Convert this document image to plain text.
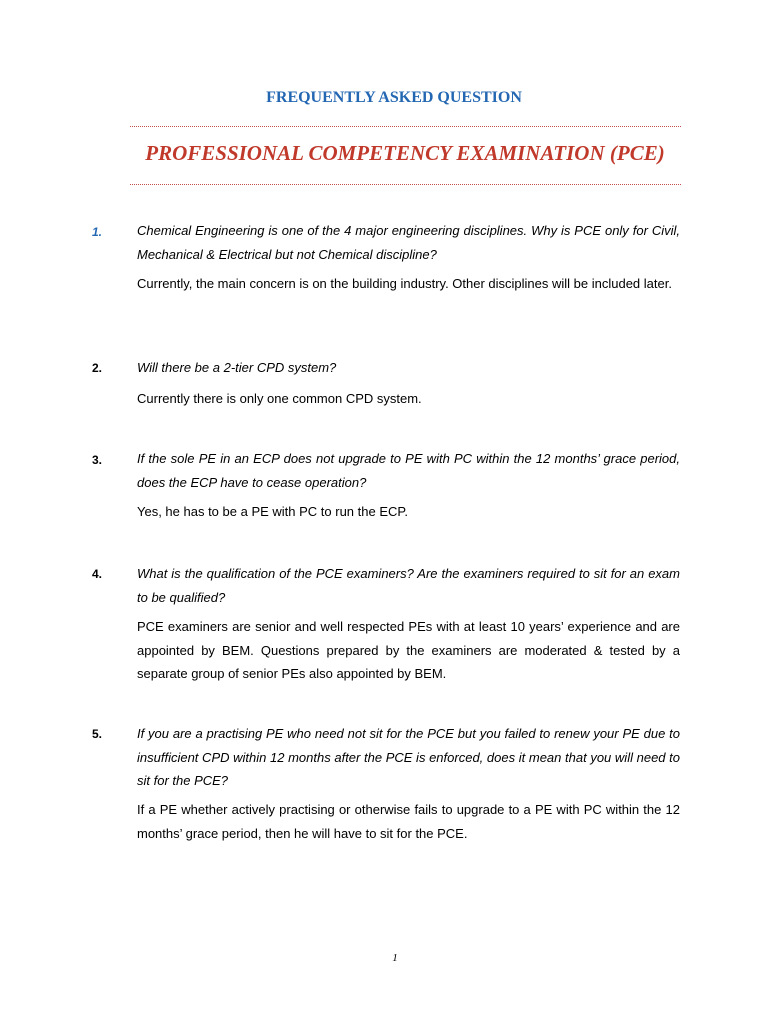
FREQUENTLY ASKED QUESTION
PROFESSIONAL COMPETENCY EXAMINATION (PCE)
1.	Chemical Engineering is one of the 4 major engineering disciplines. Why is PCE only for Civil, Mechanical & Electrical but not Chemical discipline?

Currently, the main concern is on the building industry. Other disciplines will be included later.

2.	Will there be a 2-tier CPD system?

Currently there is only one common CPD system.

3.	If the sole PE in an ECP does not upgrade to PE with PC within the 12 months’ grace period, does the ECP have to cease operation?

Yes, he has to be a PE with PC to run the ECP.

4.	What is the qualification of the PCE examiners? Are the examiners required to sit for an exam to be qualified?

PCE examiners are senior and well respected PEs with at least 10 years’ experience and are appointed by BEM. Questions prepared by the examiners are moderated & tested by a separate group of senior PEs also appointed by BEM.

5.	If you are a practising PE who need not sit for the PCE but you failed to renew your PE due to insufficient CPD within 12 months after the PCE is enforced, does it mean that you will need to sit for the PCE?

If a PE whether actively practising or otherwise fails to upgrade to a PE with PC within the 12 months’ grace period, then he will have to sit for the PCE.

1
